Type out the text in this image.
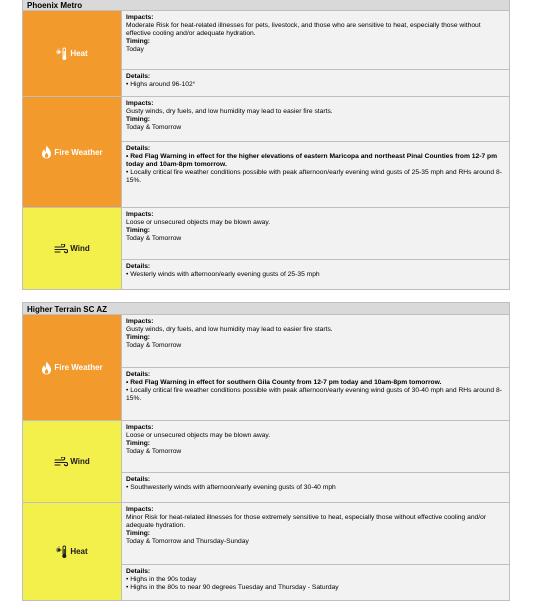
Phoenix Metro
Heat
Impacts:
Moderate Risk for heat-related illnesses for pets, livestock, and those who are sensitive to heat, especially those without effective cooling and/or adequate hydration.
Timing:
Today
Details:
• Highs around 96-102°
Fire Weather
Impacts:
Gusty winds, dry fuels, and low humidity may lead to easier fire starts.
Timing:
Today & Tomorrow
Details:
• Red Flag Warning in effect for the higher elevations of eastern Maricopa and northeast Pinal Counties from 12-7 pm today and 10am-8pm tomorrow.
• Locally critical fire weather conditions possible with peak afternoon/early evening wind gusts of 25-35 mph and RHs around 8-15%.
Wind
Impacts:
Loose or unsecured objects may be blown away.
Timing:
Today & Tomorrow
Details:
• Westerly winds with afternoon/early evening gusts of 25-35 mph
Higher Terrain SC AZ
Fire Weather
Impacts:
Gusty winds, dry fuels, and low humidity may lead to easier fire starts.
Timing:
Today & Tomorrow
Details:
• Red Flag Warning in effect for southern Gila County from 12-7 pm today and 10am-8pm tomorrow.
• Locally critical fire weather conditions possible with peak afternoon/early evening wind gusts of 30-40 mph and RHs around 8-15%.
Wind
Impacts:
Loose or unsecured objects may be blown away.
Timing:
Today & Tomorrow
Details:
• Southwesterly winds with afternoon/early evening gusts of 30-40 mph
Heat
Impacts:
Minor Risk for heat-related illnesses for those extremely sensitive to heat, especially those without effective cooling and/or adequate hydration.
Timing:
Today & Tomorrow and Thursday-Sunday
Details:
• Highs in the 90s today
• Highs in the 80s to near 90 degrees Tuesday and Thursday - Saturday
